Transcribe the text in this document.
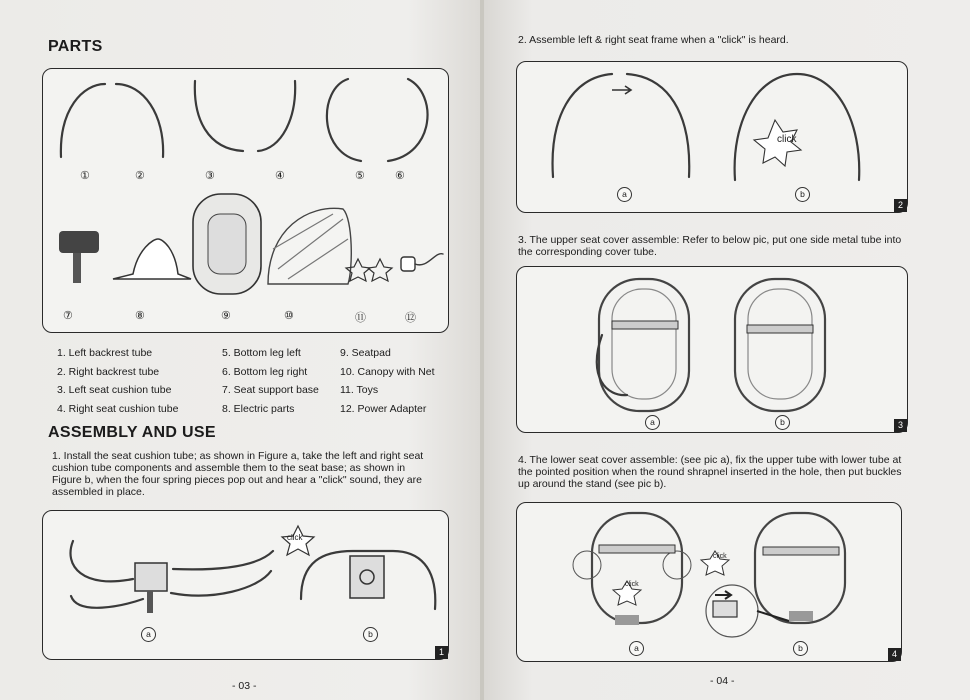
PARTS
①	②	③	④	⑤	⑥
⑦	⑧	⑨	⑩	⑪	⑫
1. Left backrest tube
2. Right backrest tube
3. Left seat cushion tube
4. Right seat cushion tube
5. Bottom leg left
6. Bottom leg right
7. Seat support base
8. Electric parts
9. Seatpad
10. Canopy with Net
11. Toys
12. Power Adapter
ASSEMBLY AND USE
1. Install the seat cushion tube; as shown in Figure a, take the left and right seat
cushion tube components and assemble them to the seat base; as shown in
Figure b, when the four spring pieces pop out and hear a "click" sound, they are
assembled in place.
click
a	b
1
- 03 -
2. Assemble left & right seat frame when a "click" is heard.
click
a	b
2
3. The upper seat cover assemble: Refer to below pic, put one side metal tube into
the corresponding cover tube.
a	b	3
4. The lower seat cover assemble: (see pic a), fix the upper tube with lower tube at
the pointed position when the round shrapnel inserted in the hole, then put buckles
up around the stand (see pic b).
click
click
a	b
4
- 04 -
